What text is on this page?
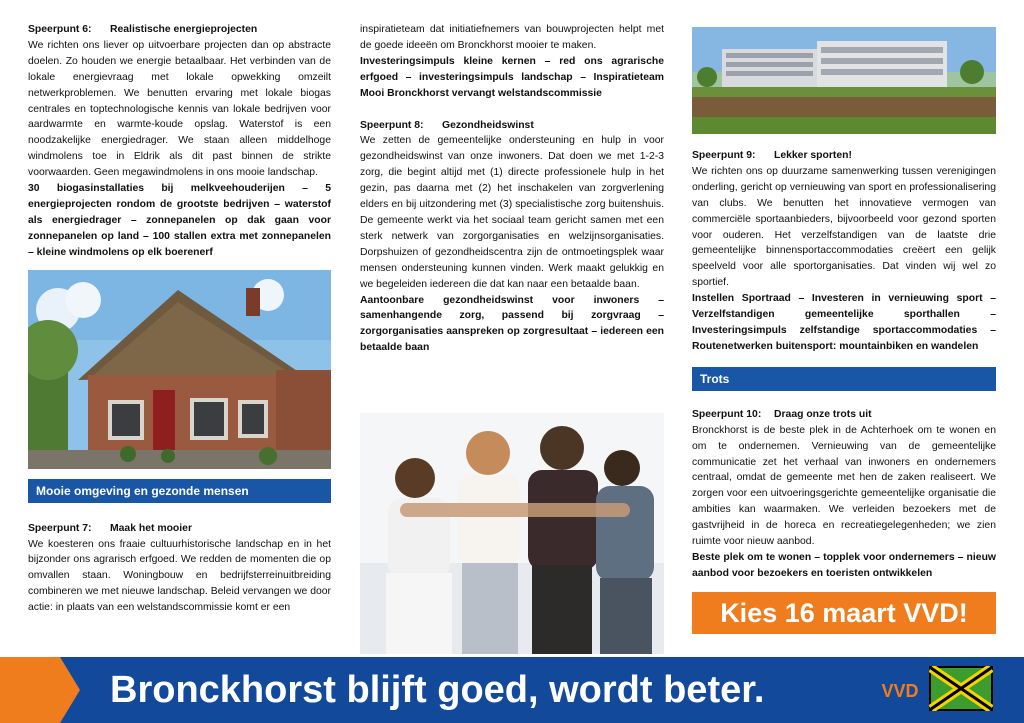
Speerpunt 6: Realistische energieprojecten

We richten ons liever op uitvoerbare projecten dan op abstracte doelen. Zo houden we energie betaalbaar. Het verbinden van de lokale energievraag met lokale opwekking omzeilt netwerkproblemen. We benutten ervaring met lokale biogas centrales en toptechnologische kennis van lokale bedrijven voor aardwarmte en warmte-koude opslag. Waterstof is een noodzakelijke energiedrager. We staan alleen middelhoge windmolens toe in Eldrik als dit past binnen de strikte voorwaarden. Geen megawindmolens in ons mooie landschap.

30 biogasinstallaties bij melkveehouderijen – 5 energieprojecten rondom de grootste bedrijven – waterstof als energiedrager – zonnepanelen op dak gaan voor zonnepanelen op land – 100 stallen extra met zonnepanelen – kleine windmolens op elk boerenerf

Mooie omgeving en gezonde mensen

Speerpunt 7: Maak het mooier

We koesteren ons fraaie cultuurhistorische landschap en in het bijzonder ons agrarisch erfgoed. We redden de momenten die op omvallen staan. Woningbouw en bedrijfsterreinuitbreiding combineren we met nieuwe landschap. Beleid vervangen we door actie: in plaats van een welstandscommissie komt er een

inspiratieteam dat initiatiefnemers van bouwprojecten helpt met de goede ideeën om Bronckhorst mooier te maken.

Investeringsimpuls kleine kernen – red ons agrarische erfgoed – investeringsimpuls landschap – Inspiratieteam Mooi Bronckhorst vervangt welstandscommissie

Speerpunt 8: Gezondheidswinst

We zetten de gemeentelijke ondersteuning en hulp in voor gezondheidswinst van onze inwoners. Dat doen we met 1-2-3 zorg, die begint altijd met (1) directe professionele hulp in het gezin, pas daarna met (2) het inschakelen van zorgverlening elders en bij uitzondering met (3) specialistische zorg buitenshuis. De gemeente werkt via het sociaal team gericht samen met een sterk netwerk van zorgorganisaties en welzijnsorganisaties. Dorpshuizen of gezondheidscentra zijn de ontmoetingsplek waar mensen ondersteuning kunnen vinden. Werk maakt gelukkig en we begeleiden iedereen die dat kan naar een betaalde baan.

Aantoonbare gezondheidswinst voor inwoners – samenhangende zorg, passend bij zorgvraag – zorgorganisaties aanspreken op zorgresultaat – iedereen een betaalde baan

Speerpunt 9: Lekker sporten!

We richten ons op duurzame samenwerking tussen verenigingen onderling, gericht op vernieuwing van sport en professionalisering van clubs. We benutten het innovatieve vermogen van commerciële sportaanbieders, bijvoorbeeld voor gezond sporten voor ouderen. Het verzelfstandigen van de laatste drie gemeentelijke binnensportaccommodaties creëert een gelijk speelveld voor alle sportorganisaties. Dat vinden wij wel zo sportief.

Instellen Sportraad – Investeren in vernieuwing sport – Verzelfstandigen gemeentelijke sporthallen – Investeringsimpuls zelfstandige sportaccommodaties – Routenetwerken buitensport: mountainbiken en wandelen

Trots

Speerpunt 10: Draag onze trots uit

Bronckhorst is de beste plek in de Achterhoek om te wonen en om te ondernemen. Vernieuwing van de gemeentelijke communicatie zet het verhaal van inwoners en ondernemers centraal, omdat de gemeente met hen de zaken realiseert. We zorgen voor een uitvoeringsgerichte gemeentelijke organisatie die ambities kan waarmaken. We verleiden bezoekers met de gastvrijheid in de horeca en recreatiegelegenheden; we zien ruimte voor nieuw aanbod.

Beste plek om te wonen – topplek voor ondernemers – nieuw aanbod voor bezoekers en toeristen ontwikkelen

Kies 16 maart VVD!
Bronckhorst blijft goed, wordt beter.	VVD
